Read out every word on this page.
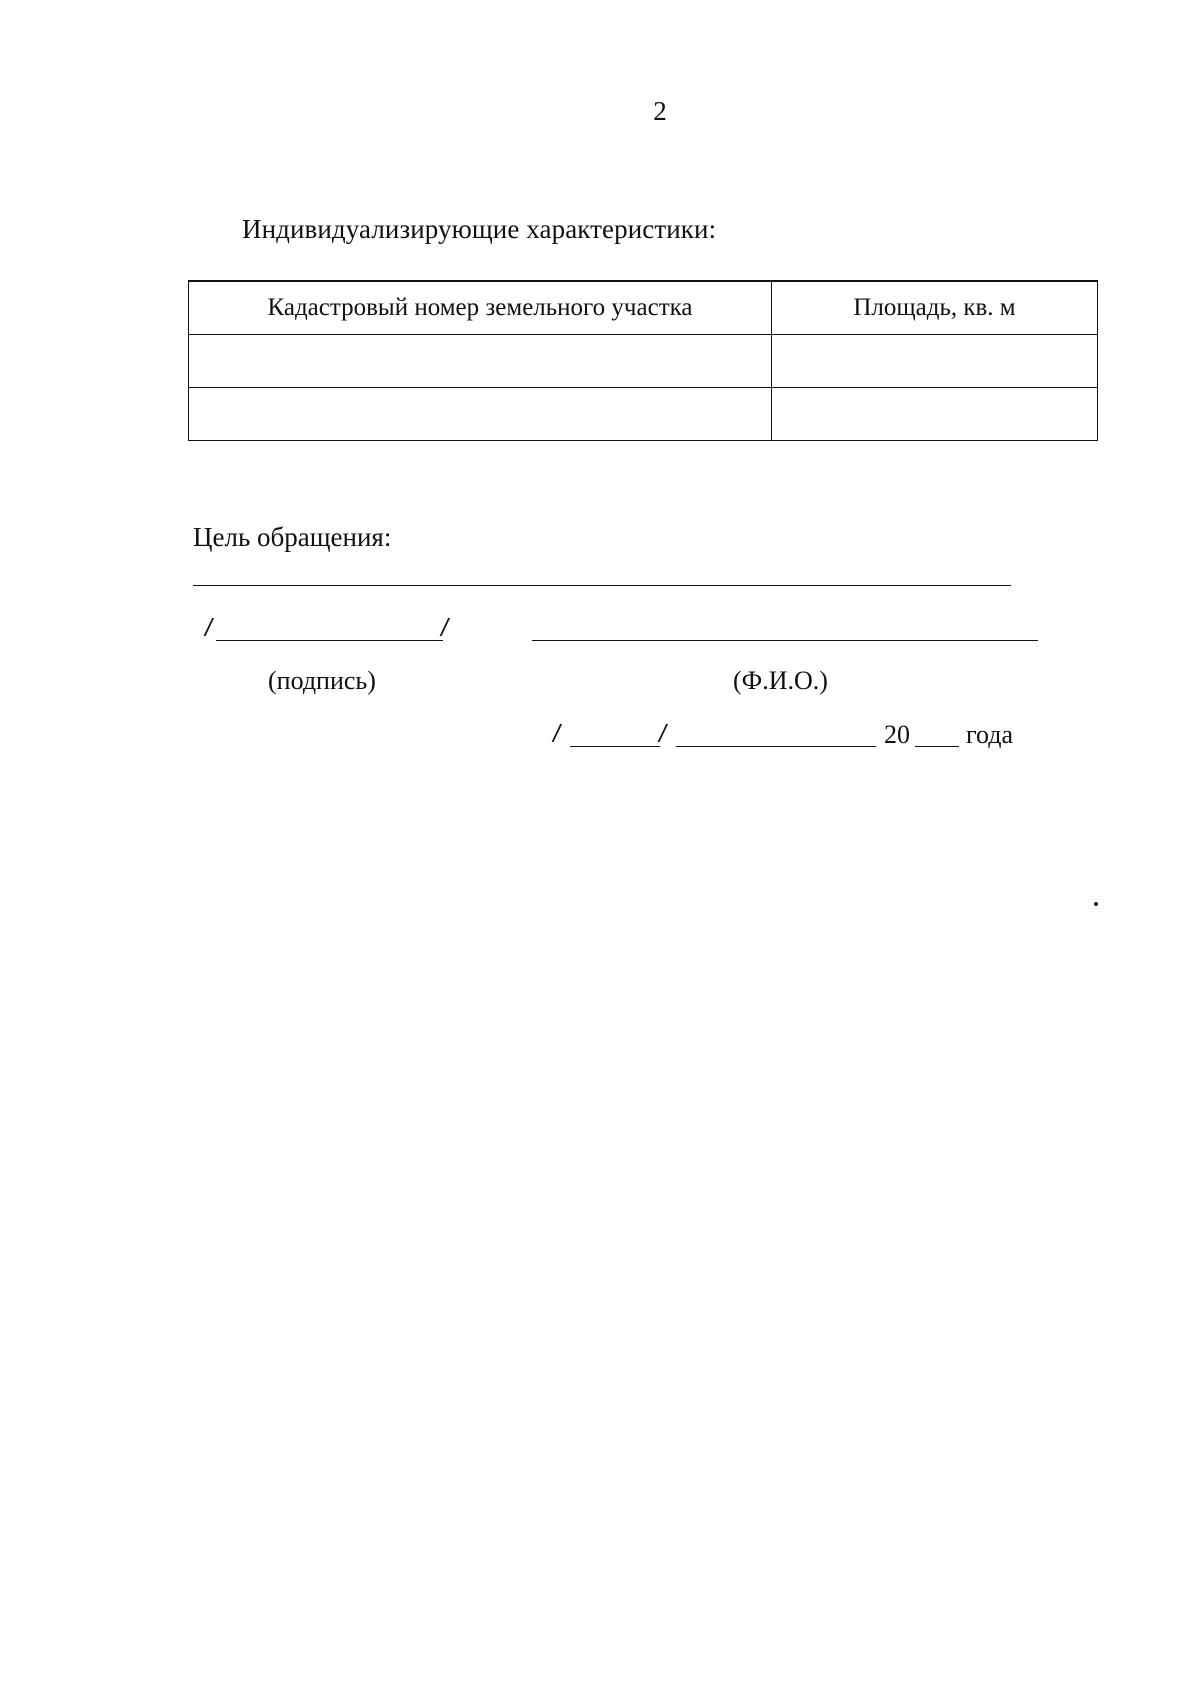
2
Индивидуализирующие характеристики:
Кадастровый номер земельного участка	Площадь, кв. м

Цель обращения:
/	/
(подпись)	(Ф.И.О.)
/	/	20 года
